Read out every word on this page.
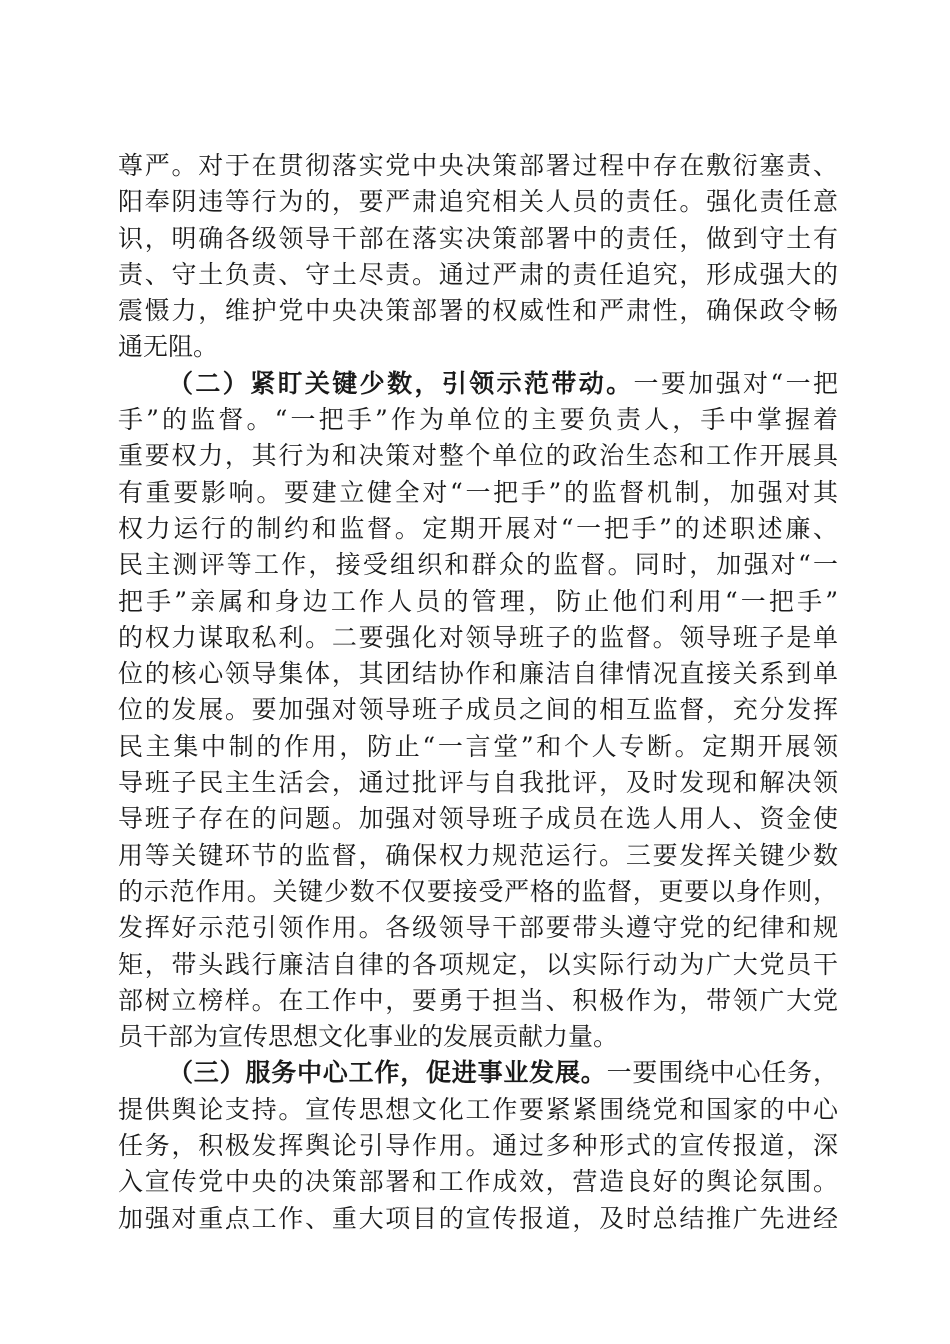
尊严。对于在贯彻落实党中央决策部署过程中存在敷衍塞责、
阳奉阴违等行为的，要严肃追究相关人员的责任。强化责任意
识，明确各级领导干部在落实决策部署中的责任，做到守土有
责、守土负责、守土尽责。通过严肃的责任追究，形成强大的
震慑力，维护党中央决策部署的权威性和严肃性，确保政令畅
通无阻。
（二）紧盯关键少数，引领示范带动。一要加强对“一把
手”的监督。“一把手”作为单位的主要负责人，手中掌握着
重要权力，其行为和决策对整个单位的政治生态和工作开展具
有重要影响。要建立健全对“一把手”的监督机制，加强对其
权力运行的制约和监督。定期开展对“一把手”的述职述廉、
民主测评等工作，接受组织和群众的监督。同时，加强对“一
把手”亲属和身边工作人员的管理，防止他们利用“一把手”
的权力谋取私利。二要强化对领导班子的监督。领导班子是单
位的核心领导集体，其团结协作和廉洁自律情况直接关系到单
位的发展。要加强对领导班子成员之间的相互监督，充分发挥
民主集中制的作用，防止“一言堂”和个人专断。定期开展领
导班子民主生活会，通过批评与自我批评，及时发现和解决领
导班子存在的问题。加强对领导班子成员在选人用人、资金使
用等关键环节的监督，确保权力规范运行。三要发挥关键少数
的示范作用。关键少数不仅要接受严格的监督，更要以身作则，
发挥好示范引领作用。各级领导干部要带头遵守党的纪律和规
矩，带头践行廉洁自律的各项规定，以实际行动为广大党员干
部树立榜样。在工作中，要勇于担当、积极作为，带领广大党
员干部为宣传思想文化事业的发展贡献力量。
（三）服务中心工作，促进事业发展。一要围绕中心任务，
提供舆论支持。宣传思想文化工作要紧紧围绕党和国家的中心
任务，积极发挥舆论引导作用。通过多种形式的宣传报道，深
入宣传党中央的决策部署和工作成效，营造良好的舆论氛围。
加强对重点工作、重大项目的宣传报道，及时总结推广先进经
